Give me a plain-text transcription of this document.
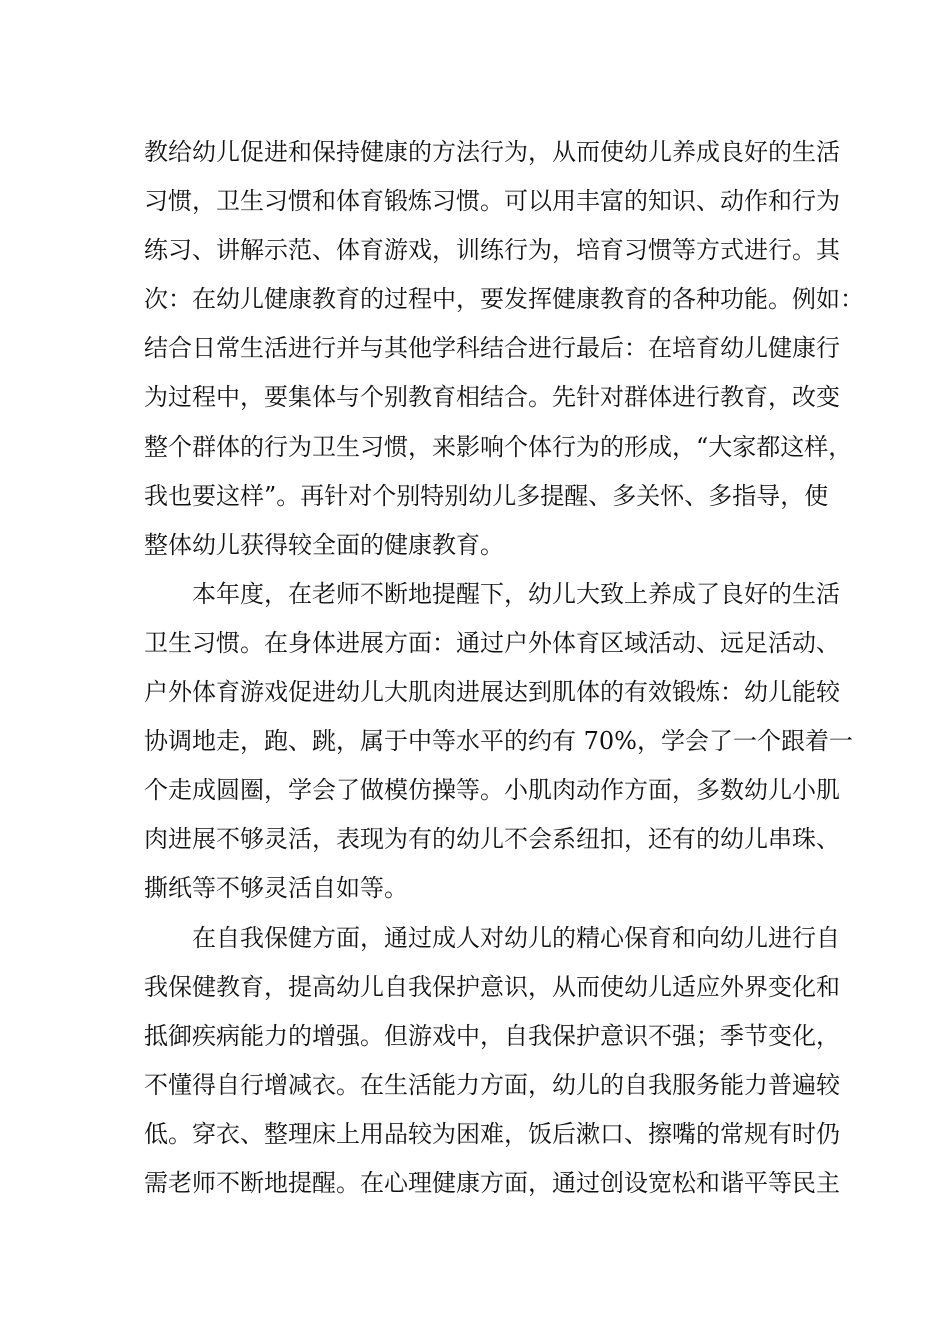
教给幼儿促进和保持健康的方法行为，从而使幼儿养成良好的生活
习惯，卫生习惯和体育锻炼习惯。可以用丰富的知识、动作和行为
练习、讲解示范、体育游戏，训练行为，培育习惯等方式进行。其
次：在幼儿健康教育的过程中，要发挥健康教育的各种功能。例如：
结合日常生活进行并与其他学科结合进行最后：在培育幼儿健康行
为过程中，要集体与个别教育相结合。先针对群体进行教育，改变
整个群体的行为卫生习惯，来影响个体行为的形成，“大家都这样，
我也要这样”。再针对个别特别幼儿多提醒、多关怀、多指导，使
整体幼儿获得较全面的健康教育。
本年度，在老师不断地提醒下，幼儿大致上养成了良好的生活
卫生习惯。在身体进展方面：通过户外体育区域活动、远足活动、
户外体育游戏促进幼儿大肌肉进展达到肌体的有效锻炼：幼儿能较
协调地走，跑、跳，属于中等水平的约有 70%，学会了一个跟着一
个走成圆圈，学会了做模仿操等。小肌肉动作方面，多数幼儿小肌
肉进展不够灵活，表现为有的幼儿不会系纽扣，还有的幼儿串珠、
撕纸等不够灵活自如等。
在自我保健方面，通过成人对幼儿的精心保育和向幼儿进行自
我保健教育，提高幼儿自我保护意识，从而使幼儿适应外界变化和
抵御疾病能力的增强。但游戏中，自我保护意识不强；季节变化，
不懂得自行增减衣。在生活能力方面，幼儿的自我服务能力普遍较
低。穿衣、整理床上用品较为困难，饭后漱口、擦嘴的常规有时仍
需老师不断地提醒。在心理健康方面，通过创设宽松和谐平等民主
